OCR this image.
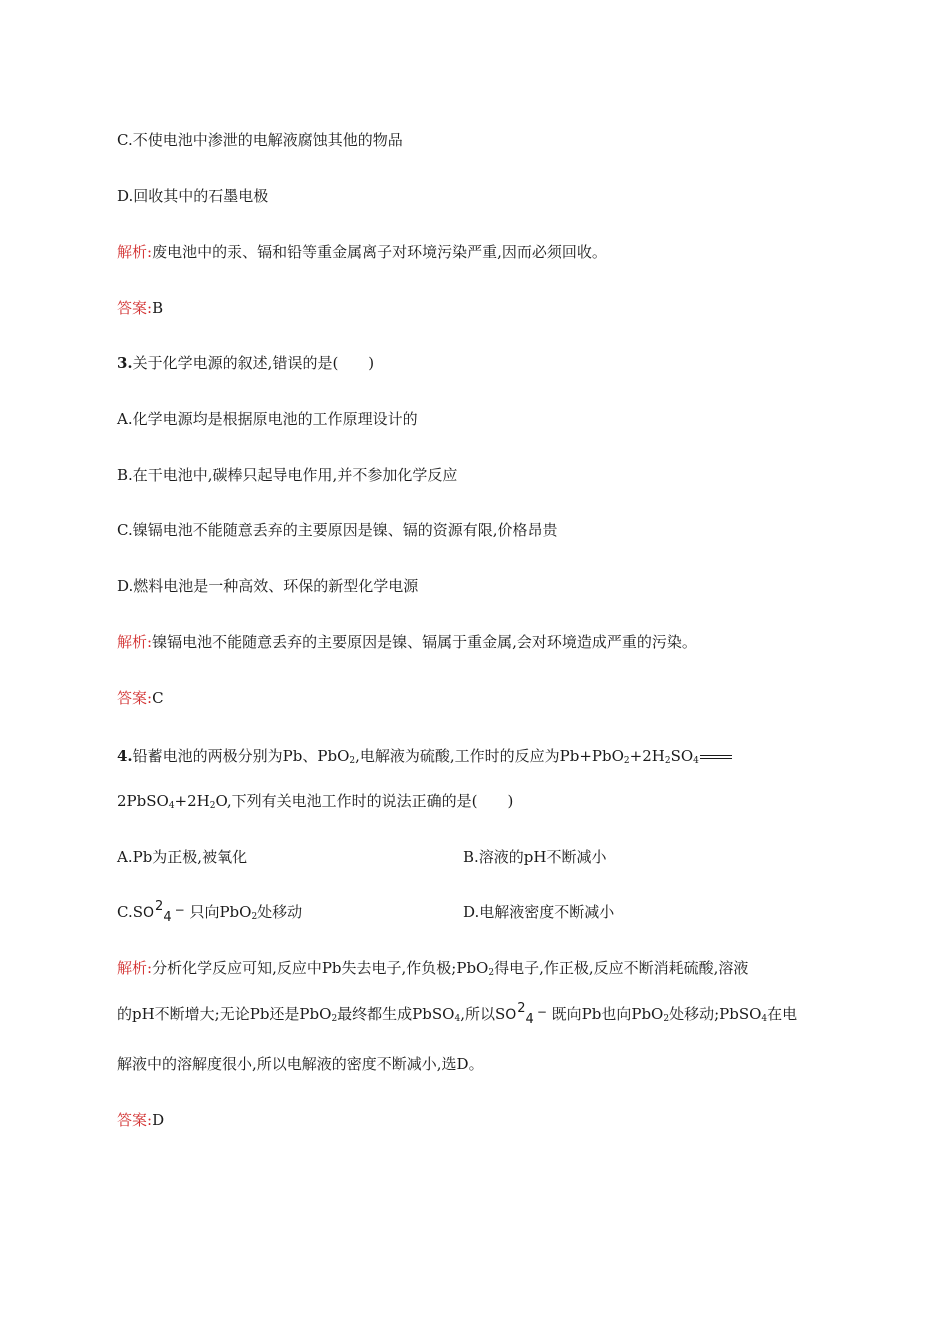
C.不使电池中渗泄的电解液腐蚀其他的物品
D.回收其中的石墨电极
解析:废电池中的汞、镉和铅等重金属离子对环境污染严重,因而必须回收。
答案:B
3.关于化学电源的叙述,错误的是(　　)
A.化学电源均是根据原电池的工作原理设计的
B.在干电池中,碳棒只起导电作用,并不参加化学反应
C.镍镉电池不能随意丢弃的主要原因是镍、镉的资源有限,价格昂贵
D.燃料电池是一种高效、环保的新型化学电源
解析:镍镉电池不能随意丢弃的主要原因是镍、镉属于重金属,会对环境造成严重的污染。
答案:C
4.铅蓄电池的两极分别为Pb、PbO$_2$,电解液为硫酸,工作时的反应为$Pb+PbO_2+2H_2SO_4$
$2PbSO_4+2H_2O$,下列有关电池工作时的说法正确的是(　　)
A.Pb为正极,被氧化	B.溶液的pH不断减小
C.SO24 − 只向PbO$_2$处移动	D.电解液密度不断减小
解析:分析化学反应可知,反应中Pb失去电子,作负极;PbO$_2$得电子,作正极,反应不断消耗硫酸,溶液
的pH不断增大;无论Pb还是PbO$_2$最终都生成PbSO$_4$,所以SO24 − 既向Pb也向PbO$_2$处移动;PbSO$_4$在电
解液中的溶解度很小,所以电解液的密度不断减小,选D。
答案:D
